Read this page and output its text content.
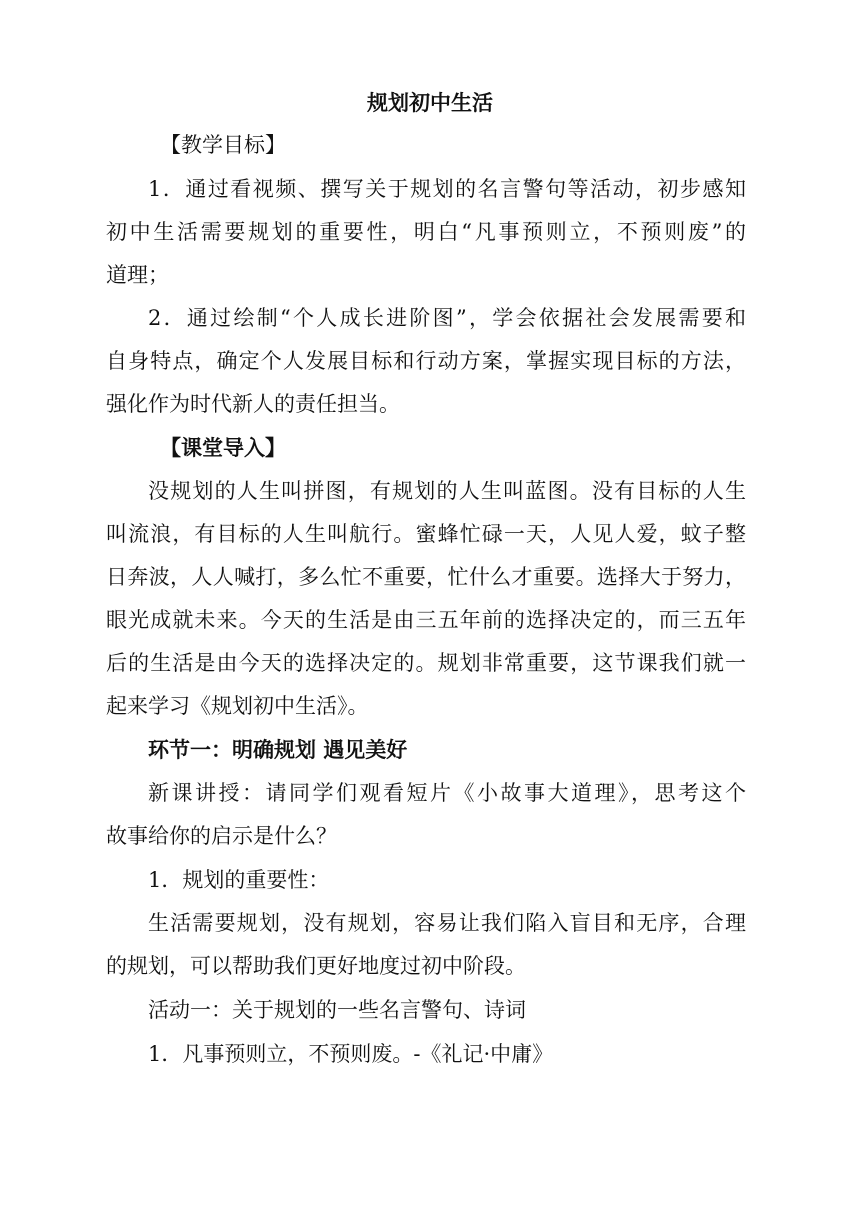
规划初中生活

【教学目标】

1．通过看视频、撰写关于规划的名言警句等活动，初步感知

初中生活需要规划的重要性，明白“凡事预则立，不预则废”的

道理；

2．通过绘制“个人成长进阶图”，学会依据社会发展需要和

自身特点，确定个人发展目标和行动方案，掌握实现目标的方法，

强化作为时代新人的责任担当。

【课堂导入】

没规划的人生叫拼图，有规划的人生叫蓝图。没有目标的人生

叫流浪，有目标的人生叫航行。蜜蜂忙碌一天，人见人爱，蚊子整

日奔波，人人喊打，多么忙不重要，忙什么才重要。选择大于努力，

眼光成就未来。今天的生活是由三五年前的选择决定的，而三五年

后的生活是由今天的选择决定的。规划非常重要，这节课我们就一

起来学习《规划初中生活》。

环节一：明确规划 遇见美好

新课讲授：请同学们观看短片《小故事大道理》，思考这个

故事给你的启示是什么？

1．规划的重要性：

生活需要规划，没有规划，容易让我们陷入盲目和无序，合理

的规划，可以帮助我们更好地度过初中阶段。

活动一：关于规划的一些名言警句、诗词

1．凡事预则立，不预则废。-《礼记·中庸》
